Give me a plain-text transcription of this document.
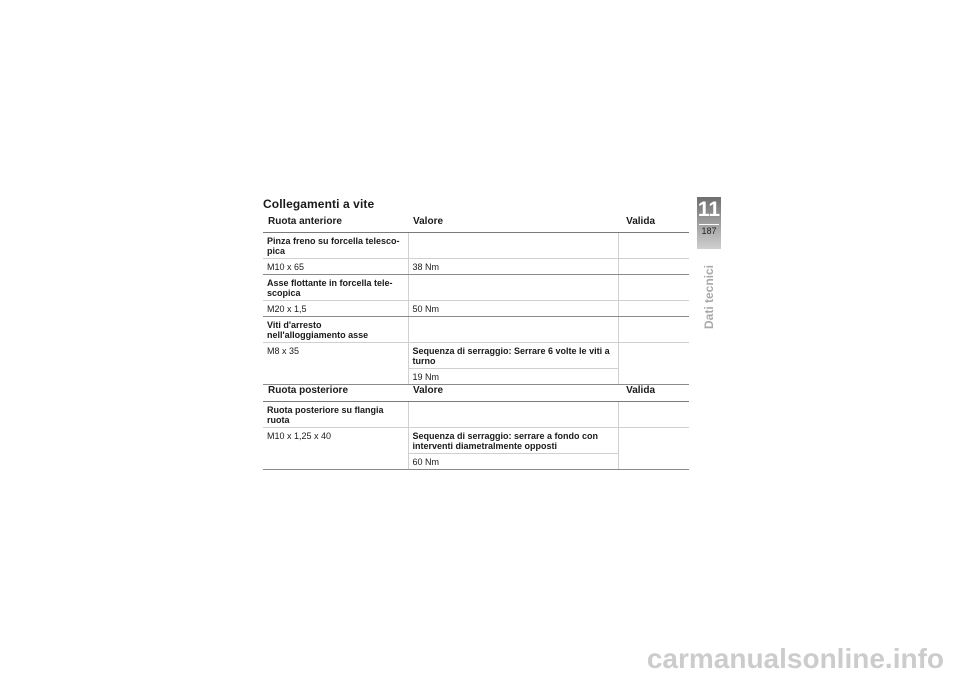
Collegamenti a vite
Ruota anteriore	Valore	Valida
Pinza freno su forcella telesco-pica		
M10 x 65	38 Nm	
Asse flottante in forcella tele-scopica		
M20 x 1,5	50 Nm	
Viti d'arresto nell'alloggiamento asse		
M8 x 35	Sequenza di serraggio: Serrare 6 volte le viti a turno	
	19 Nm	
Ruota posteriore	Valore	Valida
Ruota posteriore su flangia ruota		
M10 x 1,25 x 40	Sequenza di serraggio: serrare a fondo con interventi diametralmente opposti	
	60 Nm	
11
187
Dati tecnici
carmanualsonline.info
